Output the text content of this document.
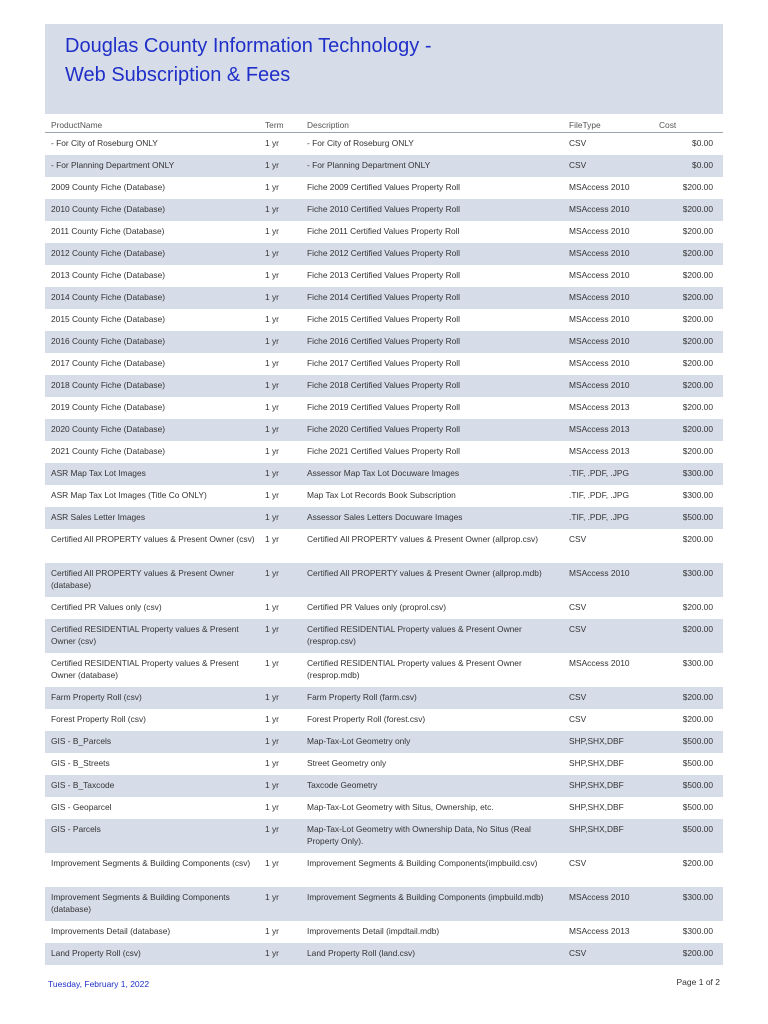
Douglas County Information Technology -
Web Subscription & Fees
ProductName	Term	Description	FileType	Cost
- For City of Roseburg ONLY	1 yr	- For City of Roseburg ONLY	CSV	$0.00
- For Planning Department ONLY	1 yr	- For Planning Department ONLY	CSV	$0.00
2009 County Fiche (Database)	1 yr	Fiche 2009 Certified Values Property Roll	MSAccess 2010	$200.00
2010 County Fiche (Database)	1 yr	Fiche 2010 Certified Values Property Roll	MSAccess 2010	$200.00
2011 County Fiche (Database)	1 yr	Fiche 2011 Certified Values Property Roll	MSAccess 2010	$200.00
2012 County Fiche (Database)	1 yr	Fiche 2012 Certified Values Property Roll	MSAccess 2010	$200.00
2013 County Fiche (Database)	1 yr	Fiche 2013 Certified Values Property Roll	MSAccess 2010	$200.00
2014 County Fiche (Database)	1 yr	Fiche 2014 Certified Values Property Roll	MSAccess 2010	$200.00
2015 County Fiche (Database)	1 yr	Fiche 2015 Certified Values Property Roll	MSAccess 2010	$200.00
2016 County Fiche (Database)	1 yr	Fiche 2016 Certified Values Property Roll	MSAccess 2010	$200.00
2017 County Fiche (Database)	1 yr	Fiche 2017 Certified Values Property Roll	MSAccess 2010	$200.00
2018 County Fiche (Database)	1 yr	Fiche 2018 Certified Values Property Roll	MSAccess 2010	$200.00
2019 County Fiche (Database)	1 yr	Fiche 2019 Certified Values Property Roll	MSAccess 2013	$200.00
2020 County Fiche (Database)	1 yr	Fiche 2020 Certified Values Property Roll	MSAccess 2013	$200.00
2021 County Fiche (Database)	1 yr	Fiche 2021 Certified Values Property Roll	MSAccess 2013	$200.00
ASR Map Tax Lot Images	1 yr	Assessor Map Tax Lot Docuware Images	.TIF, .PDF, .JPG	$300.00
ASR Map Tax Lot Images (Title Co ONLY)	1 yr	Map Tax Lot Records Book Subscription	.TIF, .PDF, .JPG	$300.00
ASR Sales Letter Images	1 yr	Assessor Sales Letters Docuware Images	.TIF, .PDF, .JPG	$500.00
Certified All PROPERTY values & Present Owner (csv)	1 yr	Certified All PROPERTY values & Present Owner (allprop.csv)	CSV	$200.00
Certified All PROPERTY values & Present Owner (database)	1 yr	Certified All PROPERTY values & Present Owner (allprop.mdb)	MSAccess 2010	$300.00
Certified PR Values only (csv)	1 yr	Certified PR Values only (proprol.csv)	CSV	$200.00
Certified RESIDENTIAL Property values & Present Owner (csv)	1 yr	Certified RESIDENTIAL Property values & Present Owner (resprop.csv)	CSV	$200.00
Certified RESIDENTIAL Property values & Present Owner (database)	1 yr	Certified RESIDENTIAL Property values & Present Owner (resprop.mdb)	MSAccess 2010	$300.00
Farm Property Roll (csv)	1 yr	Farm Property Roll (farm.csv)	CSV	$200.00
Forest Property Roll (csv)	1 yr	Forest Property Roll (forest.csv)	CSV	$200.00
GIS - B_Parcels	1 yr	Map-Tax-Lot Geometry only	SHP,SHX,DBF	$500.00
GIS - B_Streets	1 yr	Street Geometry only	SHP,SHX,DBF	$500.00
GIS - B_Taxcode	1 yr	Taxcode Geometry	SHP,SHX,DBF	$500.00
GIS - Geoparcel	1 yr	Map-Tax-Lot Geometry with Situs, Ownership, etc.	SHP,SHX,DBF	$500.00
GIS - Parcels	1 yr	Map-Tax-Lot Geometry with Ownership Data, No Situs (Real Property Only).	SHP,SHX,DBF	$500.00
Improvement Segments & Building Components (csv)	1 yr	Improvement Segments & Building Components(impbuild.csv)	CSV	$200.00
Improvement Segments & Building Components (database)	1 yr	Improvement Segments & Building Components (impbuild.mdb)	MSAccess 2010	$300.00
Improvements Detail (database)	1 yr	Improvements Detail (impdtail.mdb)	MSAccess 2013	$300.00
Land Property Roll (csv)	1 yr	Land Property Roll (land.csv)	CSV	$200.00
Tuesday, February 1, 2022	Page 1 of 2
